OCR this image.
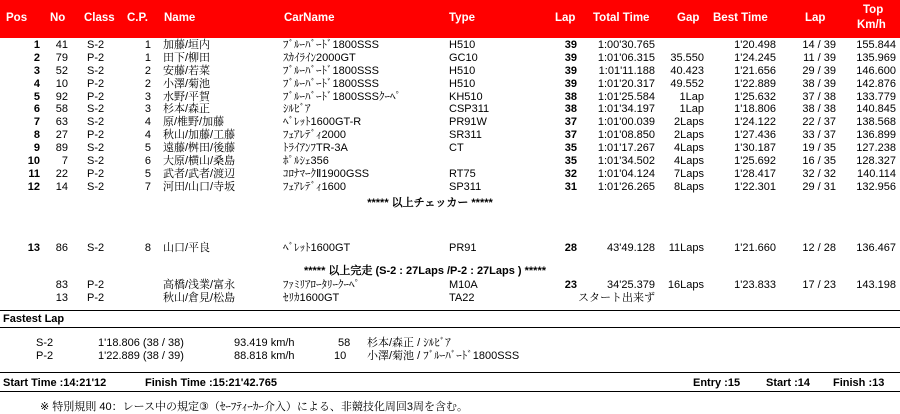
Pos No Class C.P. Name	CarName	Type	Lap Total Time Gap Best Time	Lap
Top
Km/h
1	41 S-2	1 加藤/垣内	ﾌﾞﾙｰﾊﾞｰﾄﾞ1800SSS	H510	39	1:00'30.765	1'20.498	14 / 39	155.844
2	79 P-2	1 田下/柳田	ｽｶｲﾗｲﾝ2000GT	GC10	39	1:01'06.315	35.550	1'24.245	11 / 39	135.969
3	52 S-2	2 安藤/若菜	ﾌﾞﾙｰﾊﾞｰﾄﾞ1800SSS	H510	39	1:01'11.188	40.423	1'21.656	29 / 39	146.600
4	10 P-2	2 小澤/菊池	ﾌﾞﾙｰﾊﾞｰﾄﾞ1800SSS	H510	39	1:01'20.317	49.552	1'22.889	38 / 39	142.876
5	92 P-2	3 水野/平賀	ﾌﾞﾙｰﾊﾞｰﾄﾞ1800SSSｸｰﾍﾟ	KH510	38	1:01'25.584	1Lap	1'25.632	37 / 38	133.779
6	58 S-2	3 杉本/森正	ｼﾙﾋﾞｱ	CSP311	38	1:01'34.197	1Lap	1'18.806	38 / 38	140.845
7	63 S-2	4 原/椎野/加藤	ﾍﾞﾚｯﾄ1600GT-R	PR91W	37	1:01'00.039	2Laps	1'24.122	22 / 37	138.568
8	27 P-2	4 秋山/加藤/工藤	ﾌｪｱﾚﾃﾞｨ2000	SR311	37	1:01'08.850	2Laps	1'27.436	33 / 37	136.899
9	89 S-2	5 遠藤/桝田/後藤	ﾄﾗｲｱﾝﾌTR-3A	CT	35	1:01'17.267	4Laps	1'30.187	19 / 35	127.238
10	7 S-2	6 大原/横山/桑島	ﾎﾟﾙｼｪ356	35	1:01'34.502	4Laps	1'25.692	16 / 35	128.327
11	22 P-2	5 武者/武者/渡辺	ｺﾛﾅﾏｰｸⅡ1900GSS	RT75	32	1:01'04.124	7Laps	1'28.417	32 / 32	140.114
12	14 S-2	7 河田/山口/寺坂	ﾌｪｱﾚﾃﾞｨ1600	SP311	31	1:01'26.265	8Laps	1'22.301	29 / 31	132.956
***** 以上チェッカー *****
13	86 S-2	8 山口/平良	ﾍﾞﾚｯﾄ1600GT	PR91	28	43'49.128	11Laps	1'21.660	12 / 28	136.467
***** 以上完走 (S-2 : 27Laps /P-2 : 27Laps ) *****
83 P-2	高橋/浅業/富永	ﾌｧﾐﾘｱﾛｰﾀﾘｰｸｰﾍﾟ	M10A	23	34'25.379	16Laps	1'23.833	17 / 23	143.198
13 P-2	秋山/倉見/松島	ｾﾘｶ1600GT	TA22	スタート出来ず
Fastest Lap
S-2	1'18.806 (38 / 38)	93.419 km/h	58 杉本/森正 / ｼﾙﾋﾞｱ
P-2	1'22.889 (38 / 39)	88.818 km/h	10 小澤/菊池 / ﾌﾞﾙｰﾊﾞｰﾄﾞ1800SSS
Start Time :14:21'12	Finish Time :15:21'42.765	Entry :15 Start :14 Finish :13
※ 特別規則 40：レース中の規定③（ｾｰﾌﾃｨｰｶｰ介入）による、非競技化周回3周を含む。
